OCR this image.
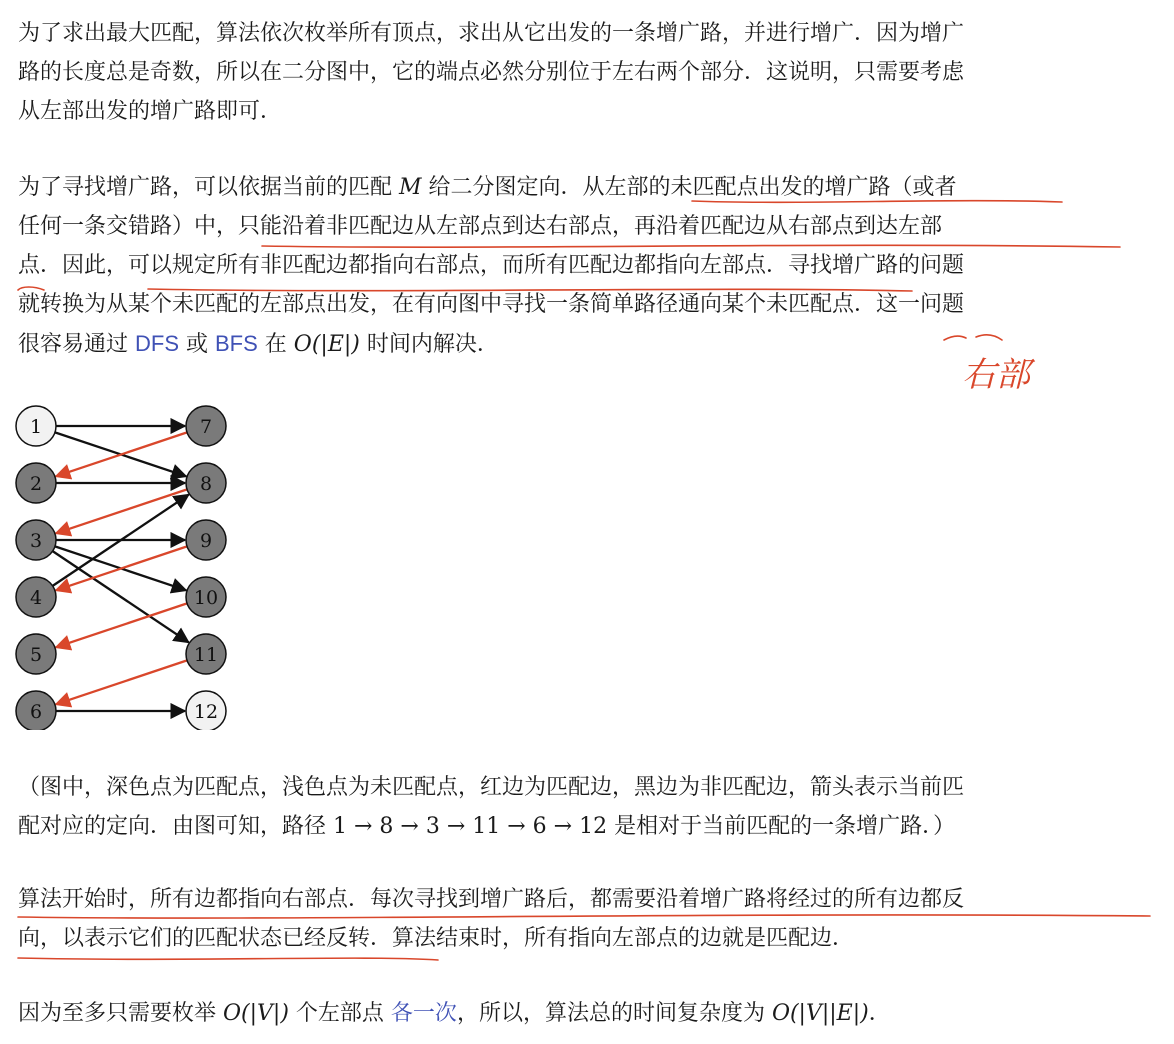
为了求出最大匹配，算法依次枚举所有顶点，求出从它出发的一条增广路，并进行增广．因为增广
路的长度总是奇数，所以在二分图中，它的端点必然分别位于左右两个部分．这说明，只需要考虑
从左部出发的增广路即可．
为了寻找增广路，可以依据当前的匹配 M 给二分图定向．从左部的未匹配点出发的增广路（或者
任何一条交错路）中，只能沿着非匹配边从左部点到达右部点，再沿着匹配边从右部点到达左部
点．因此，可以规定所有非匹配边都指向右部点，而所有匹配边都指向左部点．寻找增广路的问题
就转换为从某个未匹配的左部点出发，在有向图中寻找一条简单路径通向某个未匹配点．这一问题
很容易通过 DFS 或 BFS 在 O(|E|) 时间内解决．
1
2
3
4
5
6
7
8
9
10
11
12
（图中，深色点为匹配点，浅色点为未匹配点，红边为匹配边，黑边为非匹配边，箭头表示当前匹
配对应的定向．由图可知，路径 1 → 8 → 3 → 11 → 6 → 12 是相对于当前匹配的一条增广路．）
算法开始时，所有边都指向右部点．每次寻找到增广路后，都需要沿着增广路将经过的所有边都反
向，以表示它们的匹配状态已经反转．算法结束时，所有指向左部点的边就是匹配边．
因为至多只需要枚举 O(|V|) 个左部点 各一次，所以，算法总的时间复杂度为 O(|V||E|)．
右部
